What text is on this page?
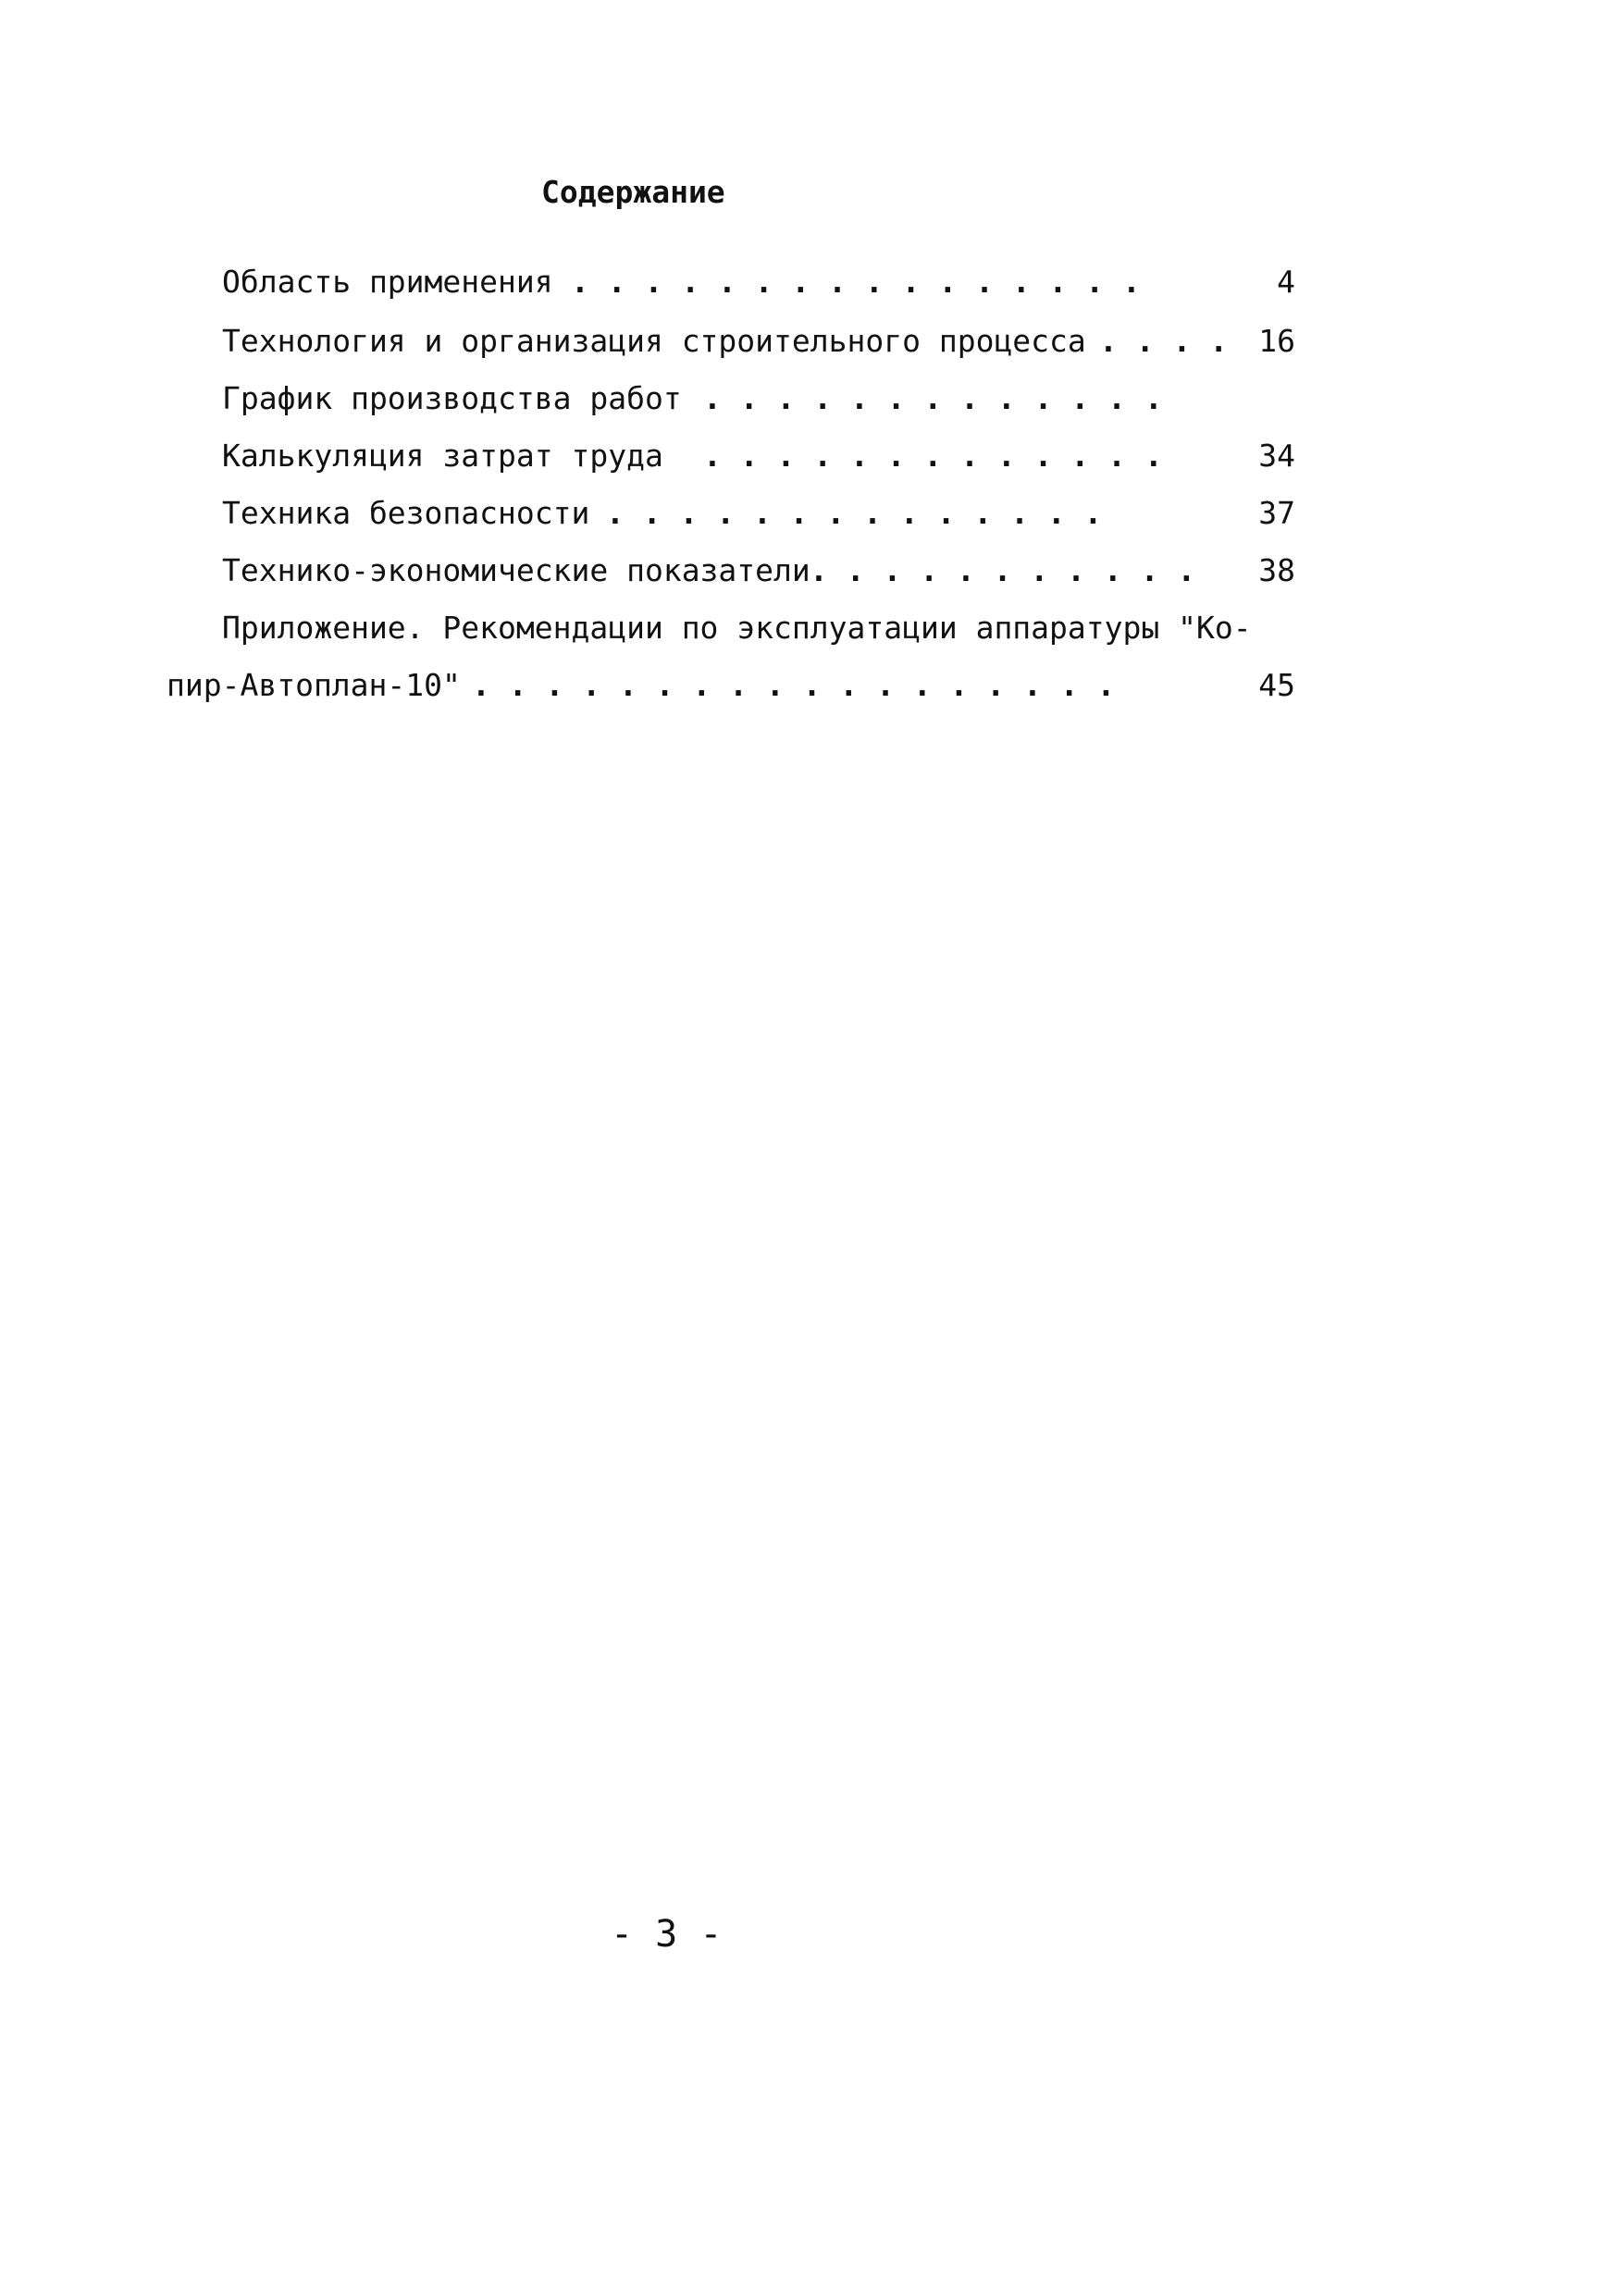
Содержание
Область применения . . . . . . . . . . . . . . . .	4
Технология и организация строительного процесса . . . .	16
График производства работ . . . . . . . . . . . . .
Калькуляция затрат труда . . . . . . . . . . . . .	34
Техника безопасности . . . . . . . . . . . . . .	37
Технико-экономические показатели . . . . . . . . . . .	38
Приложение. Рекомендации по эксплуатации аппаратуры "Ко-
пир-Автоплан-10" . . . . . . . . . . . . . . . . . .	45
- 3 -
